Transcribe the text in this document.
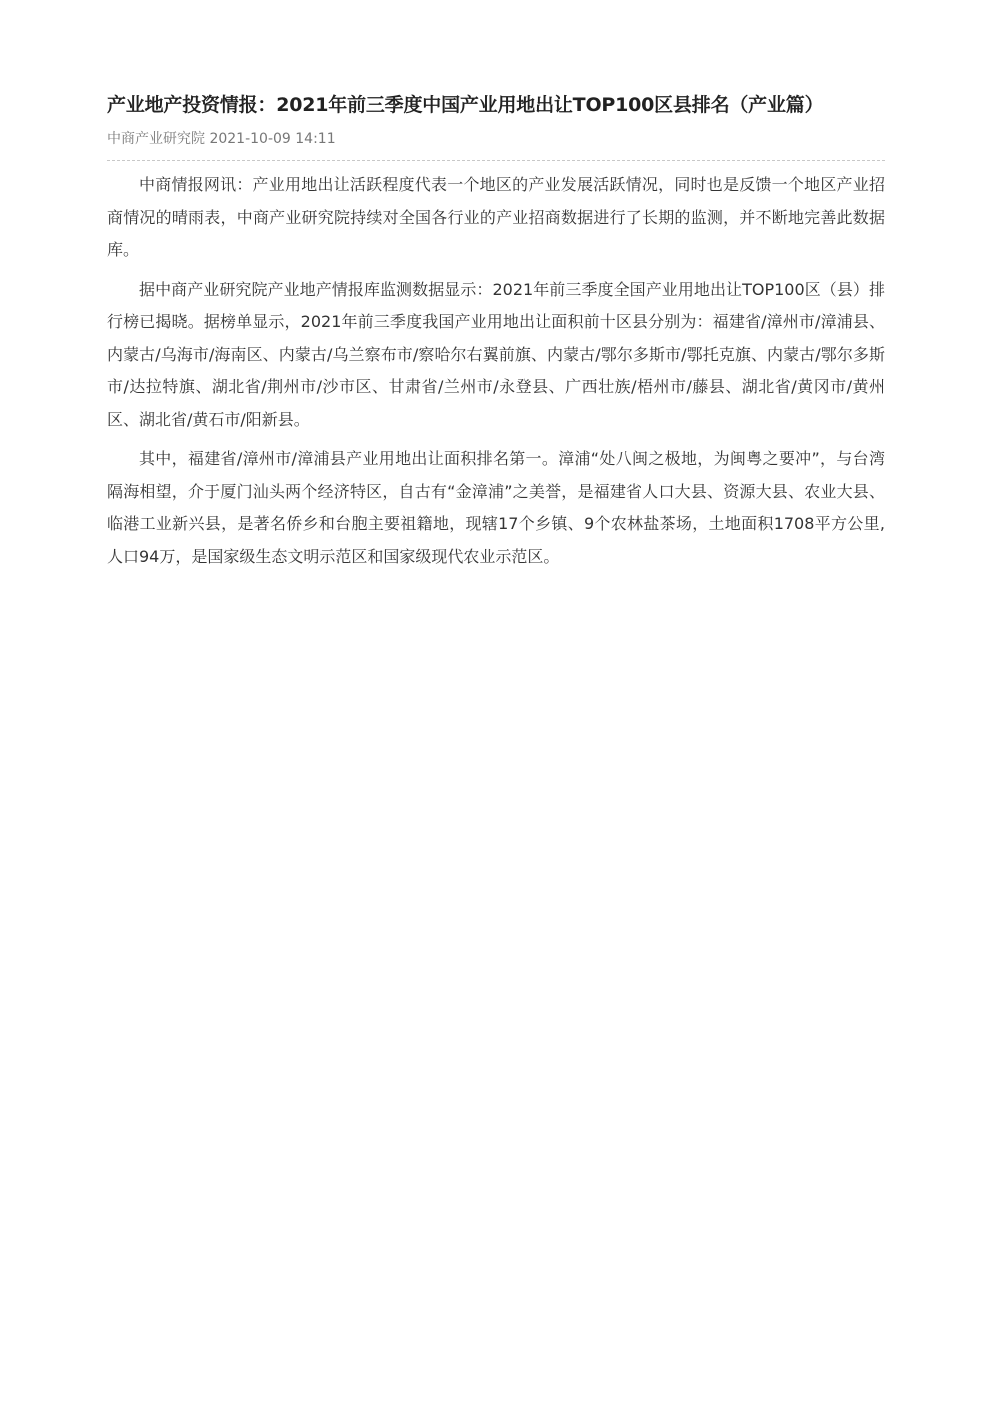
产业地产投资情报：2021年前三季度中国产业用地出让TOP100区县排名（产业篇）
中商产业研究院 2021-10-09 14:11

中商情报网讯：产业用地出让活跃程度代表一个地区的产业发展活跃情况，同时也是反馈一个地区产业招商情况的晴雨表，中商产业研究院持续对全国各行业的产业招商数据进行了长期的监测，并不断地完善此数据库。

据中商产业研究院产业地产情报库监测数据显示：2021年前三季度全国产业用地出让TOP100区（县）排行榜已揭晓。据榜单显示，2021年前三季度我国产业用地出让面积前十区县分别为：福建省/漳州市/漳浦县、内蒙古/乌海市/海南区、内蒙古/乌兰察布市/察哈尔右翼前旗、内蒙古/鄂尔多斯市/鄂托克旗、内蒙古/鄂尔多斯市/达拉特旗、湖北省/荆州市/沙市区、甘肃省/兰州市/永登县、广西壮族/梧州市/藤县、湖北省/黄冈市/黄州区、湖北省/黄石市/阳新县。

其中，福建省/漳州市/漳浦县产业用地出让面积排名第一。漳浦“处八闽之极地，为闽粤之要冲”，与台湾隔海相望，介于厦门汕头两个经济特区，自古有“金漳浦”之美誉，是福建省人口大县、资源大县、农业大县、临港工业新兴县，是著名侨乡和台胞主要祖籍地，现辖17个乡镇、9个农林盐茶场，土地面积1708平方公里,人口94万，是国家级生态文明示范区和国家级现代农业示范区。
